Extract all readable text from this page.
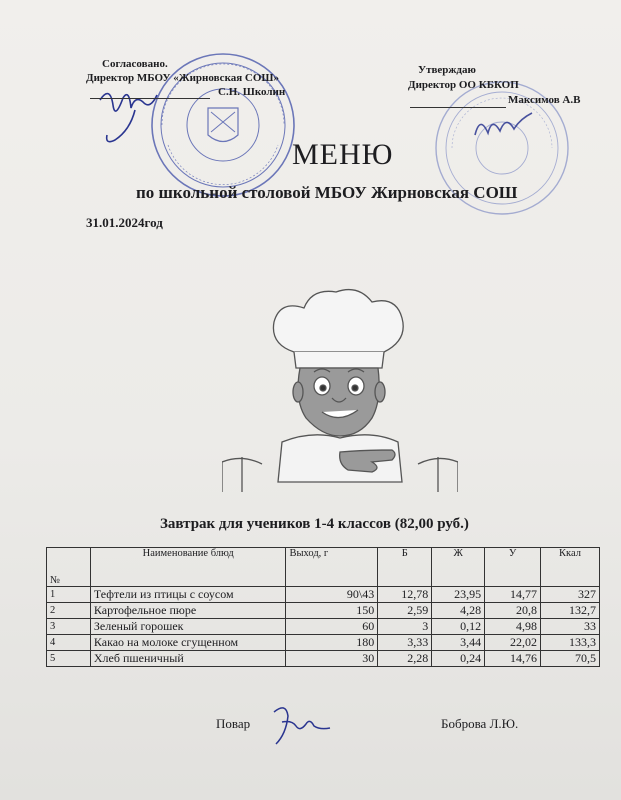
Согласовано.
Директор МБОУ «Жирновская СОШ»
С.Н. Школин
Утверждаю
Директор ОО КБКОП
Максимов А.В
МЕНЮ
по школьной столовой МБОУ Жирновская СОШ
31.01.2024год
Завтрак для учеников 1-4 классов (82,00 руб.)
№	Наименование блюд	Выход, г	Б	Ж	У	Ккал
1	Тефтели из птицы с соусом	90\43	12,78	23,95	14,77	327
2	Картофельное пюре	150	2,59	4,28	20,8	132,7
3	Зеленый горошек	60	3	0,12	4,98	33
4	Какао на молоке сгущенном	180	3,33	3,44	22,02	133,3
5	Хлеб пшеничный	30	2,28	0,24	14,76	70,5
Повар	Боброва Л.Ю.
